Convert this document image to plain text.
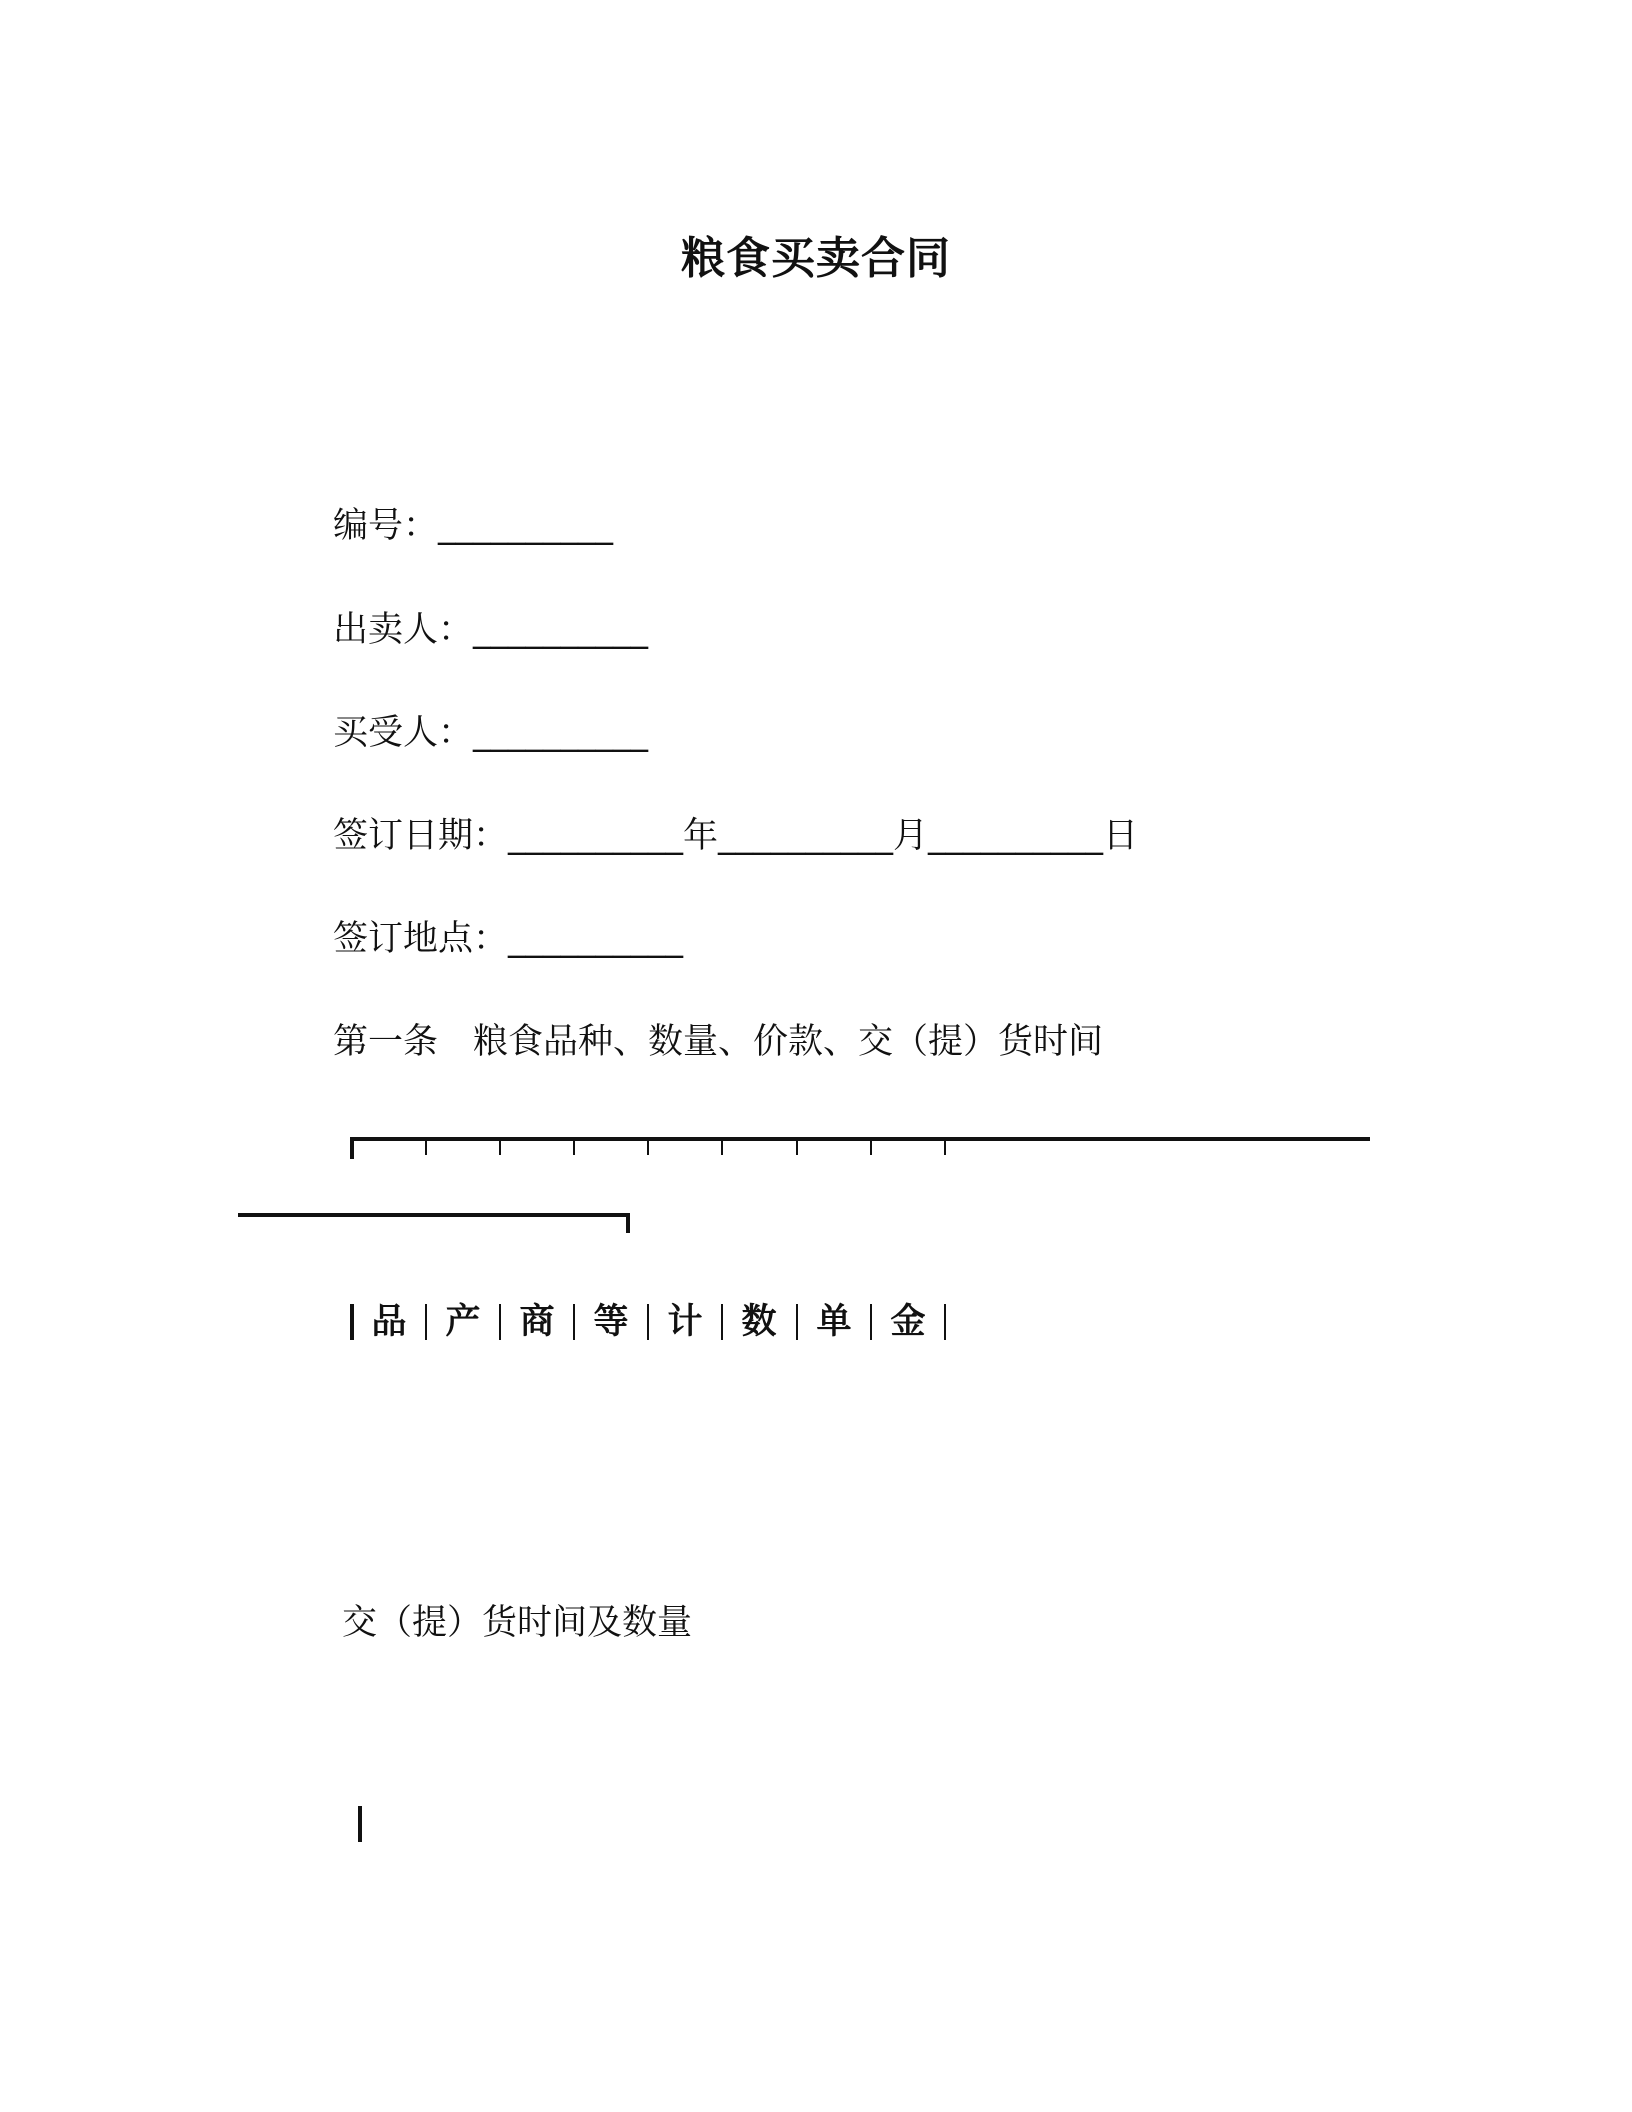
粮食买卖合同
编号：__________
出卖人：__________
买受人：__________
签订日期：__________年__________月__________日
签订地点：__________
第一条　粮食品种、数量、价款、交（提）货时间
品	产	商	等	计	数	单	金
交（提）货时间及数量
